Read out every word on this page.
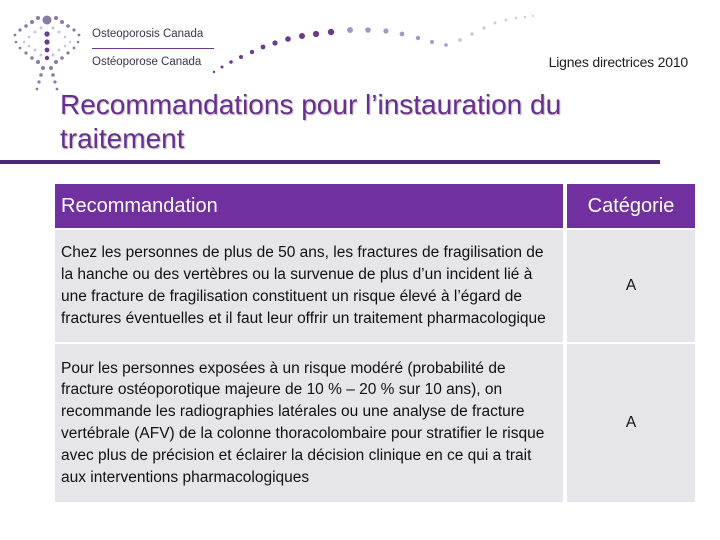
Osteoporosis Canada
Ostéoporose Canada	Lignes directrices 2010
Recommandations pour l’instauration du traitement
Recommandation	Catégorie
Chez les personnes de plus de 50 ans, les fractures de fragilisation de la hanche ou des vertèbres ou la survenue de plus d’un incident lié à une fracture de fragilisation constituent un risque élevé à l’égard de fractures éventuelles et il faut leur offrir un traitement pharmacologique	A
Pour les personnes exposées à un risque modéré (probabilité de fracture ostéoporotique majeure de 10 % – 20 % sur 10 ans), on recommande les radiographies latérales ou une analyse de fracture vertébrale (AFV) de la colonne thoracolombaire pour stratifier le risque avec plus de précision et éclairer la décision clinique en ce qui a trait aux interventions pharmacologiques	A
